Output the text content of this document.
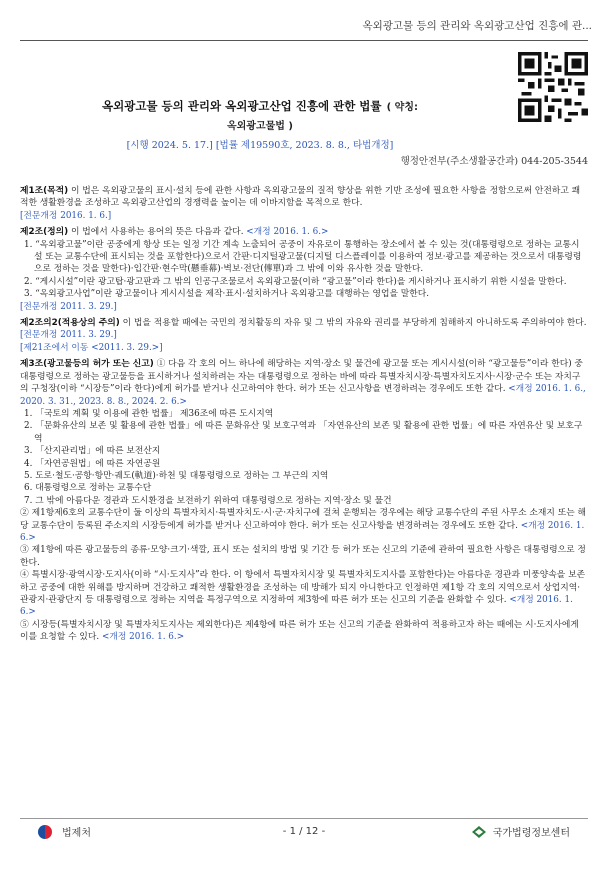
옥외광고물 등의 관리와 옥외광고산업 진흥에 관...
옥외광고물 등의 관리와 옥외광고산업 진흥에 관한 법률 ( 약칭:
옥외광고물법 )
[시행 2024. 5. 17.] [법률 제19590호, 2023. 8. 8., 타법개정]
행정안전부(주소생활공간과) 044-205-3544
제1조(목적) 이 법은 옥외광고물의 표시·설치 등에 관한 사항과 옥외광고물의 질적 향상을 위한 기반 조성에 필요한 사항을 정함으로써 안전하고 쾌적한 생활환경을 조성하고 옥외광고산업의 경쟁력을 높이는 데 이바지함을 목적으로 한다.
[전문개정 2016. 1. 6.]
제2조(정의) 이 법에서 사용하는 용어의 뜻은 다음과 같다. <개정 2016. 1. 6.>
1. “옥외광고물”이란 공중에게 항상 또는 일정 기간 계속 노출되어 공중이 자유로이 통행하는 장소에서 볼 수 있는 것(대통령령으로 정하는 교통시설 또는 교통수단에 표시되는 것을 포함한다)으로서 간판·디지털광고물(디지털 디스플레이를 이용하여 정보·광고를 제공하는 것으로서 대통령령으로 정하는 것을 말한다)·입간판·현수막(懸垂幕)·벽보·전단(傳單)과 그 밖에 이와 유사한 것을 말한다.
2. “게시시설”이란 광고탑·광고판과 그 밖의 인공구조물로서 옥외광고물(이하 “광고물”이라 한다)을 게시하거나 표시하기 위한 시설을 말한다.
3. “옥외광고사업”이란 광고물이나 게시시설을 제작·표시·설치하거나 옥외광고를 대행하는 영업을 말한다.
[전문개정 2011. 3. 29.]
제2조의2(적용상의 주의) 이 법을 적용할 때에는 국민의 정치활동의 자유 및 그 밖의 자유와 권리를 부당하게 침해하지 아니하도록 주의하여야 한다.
[전문개정 2011. 3. 29.]
[제21조에서 이동 <2011. 3. 29.>]
제3조(광고물등의 허가 또는 신고) ① 다음 각 호의 어느 하나에 해당하는 지역·장소 및 물건에 광고물 또는 게시시설(이하 “광고물등”이라 한다) 중 대통령령으로 정하는 광고물등을 표시하거나 설치하려는 자는 대통령령으로 정하는 바에 따라 특별자치시장·특별자치도지사·시장·군수 또는 자치구의 구청장(이하 “시장등”이라 한다)에게 허가를 받거나 신고하여야 한다. 허가 또는 신고사항을 변경하려는 경우에도 또한 같다. <개정 2016. 1. 6., 2020. 3. 31., 2023. 8. 8., 2024. 2. 6.>
1. 「국토의 계획 및 이용에 관한 법률」 제36조에 따른 도시지역
2. 「문화유산의 보존 및 활용에 관한 법률」에 따른 문화유산 및 보호구역과 「자연유산의 보존 및 활용에 관한 법률」에 따른 자연유산 및 보호구역
3. 「산지관리법」에 따른 보전산지
4. 「자연공원법」에 따른 자연공원
5. 도로·철도·공항·항만·궤도(軌道)·하천 및 대통령령으로 정하는 그 부근의 지역
6. 대통령령으로 정하는 교통수단
7. 그 밖에 아름다운 경관과 도시환경을 보전하기 위하여 대통령령으로 정하는 지역·장소 및 물건
② 제1항제6호의 교통수단이 둘 이상의 특별자치시·특별자치도·시·군·자치구에 걸쳐 운행되는 경우에는 해당 교통수단의 주된 사무소 소재지 또는 해당 교통수단이 등록된 주소지의 시장등에게 허가를 받거나 신고하여야 한다. 허가 또는 신고사항을 변경하려는 경우에도 또한 같다. <개정 2016. 1. 6.>
③ 제1항에 따른 광고물등의 종류·모양·크기·색깔, 표시 또는 설치의 방법 및 기간 등 허가 또는 신고의 기준에 관하여 필요한 사항은 대통령령으로 정한다.
④ 특별시장·광역시장·도지사(이하 “시·도지사”라 한다. 이 항에서 특별자치시장 및 특별자치도지사를 포함한다)는 아름다운 경관과 미풍양속을 보존하고 공중에 대한 위해를 방지하며 건강하고 쾌적한 생활환경을 조성하는 데 방해가 되지 아니한다고 인정하면 제1항 각 호의 지역으로서 상업지역·관광지·관광단지 등 대통령령으로 정하는 지역을 특정구역으로 지정하여 제3항에 따른 허가 또는 신고의 기준을 완화할 수 있다. <개정 2016. 1. 6.>
⑤ 시장등(특별자치시장 및 특별자치도지사는 제외한다)은 제4항에 따른 허가 또는 신고의 기준을 완화하여 적용하고자 하는 때에는 시·도지사에게 이를 요청할 수 있다. <개정 2016. 1. 6.>
법제처	- 1 / 12 -	국가법령정보센터
